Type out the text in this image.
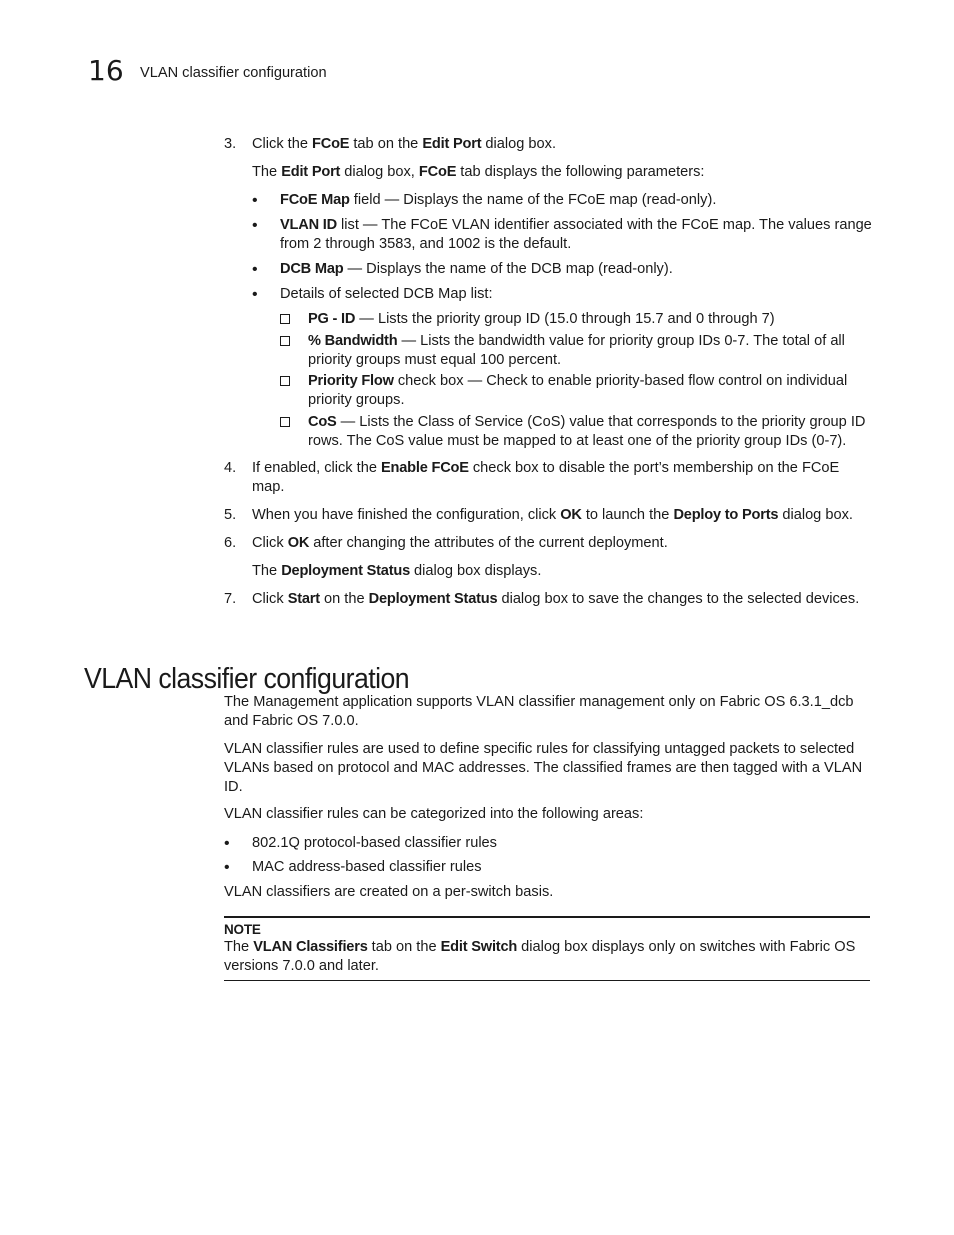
16 VLAN classifier configuration
3. Click the FCoE tab on the Edit Port dialog box.
The Edit Port dialog box, FCoE tab displays the following parameters:
• FCoE Map field — Displays the name of the FCoE map (read-only).
• VLAN ID list — The FCoE VLAN identifier associated with the FCoE map. The values range from 2 through 3583, and 1002 is the default.
• DCB Map — Displays the name of the DCB map (read-only).
• Details of selected DCB Map list:
PG - ID — Lists the priority group ID (15.0 through 15.7 and 0 through 7)
% Bandwidth — Lists the bandwidth value for priority group IDs 0-7. The total of all priority groups must equal 100 percent.
Priority Flow check box — Check to enable priority-based flow control on individual priority groups.
CoS — Lists the Class of Service (CoS) value that corresponds to the priority group ID rows. The CoS value must be mapped to at least one of the priority group IDs (0-7).
4. If enabled, click the Enable FCoE check box to disable the port’s membership on the FCoE map.
5. When you have finished the configuration, click OK to launch the Deploy to Ports dialog box.
6. Click OK after changing the attributes of the current deployment.
The Deployment Status dialog box displays.
7. Click Start on the Deployment Status dialog box to save the changes to the selected devices.
VLAN classifier configuration
The Management application supports VLAN classifier management only on Fabric OS 6.3.1_dcb and Fabric OS 7.0.0.
VLAN classifier rules are used to define specific rules for classifying untagged packets to selected VLANs based on protocol and MAC addresses. The classified frames are then tagged with a VLAN ID.
VLAN classifier rules can be categorized into the following areas:
• 802.1Q protocol-based classifier rules
• MAC address-based classifier rules
VLAN classifiers are created on a per-switch basis.
NOTE
The VLAN Classifiers tab on the Edit Switch dialog box displays only on switches with Fabric OS versions 7.0.0 and later.
